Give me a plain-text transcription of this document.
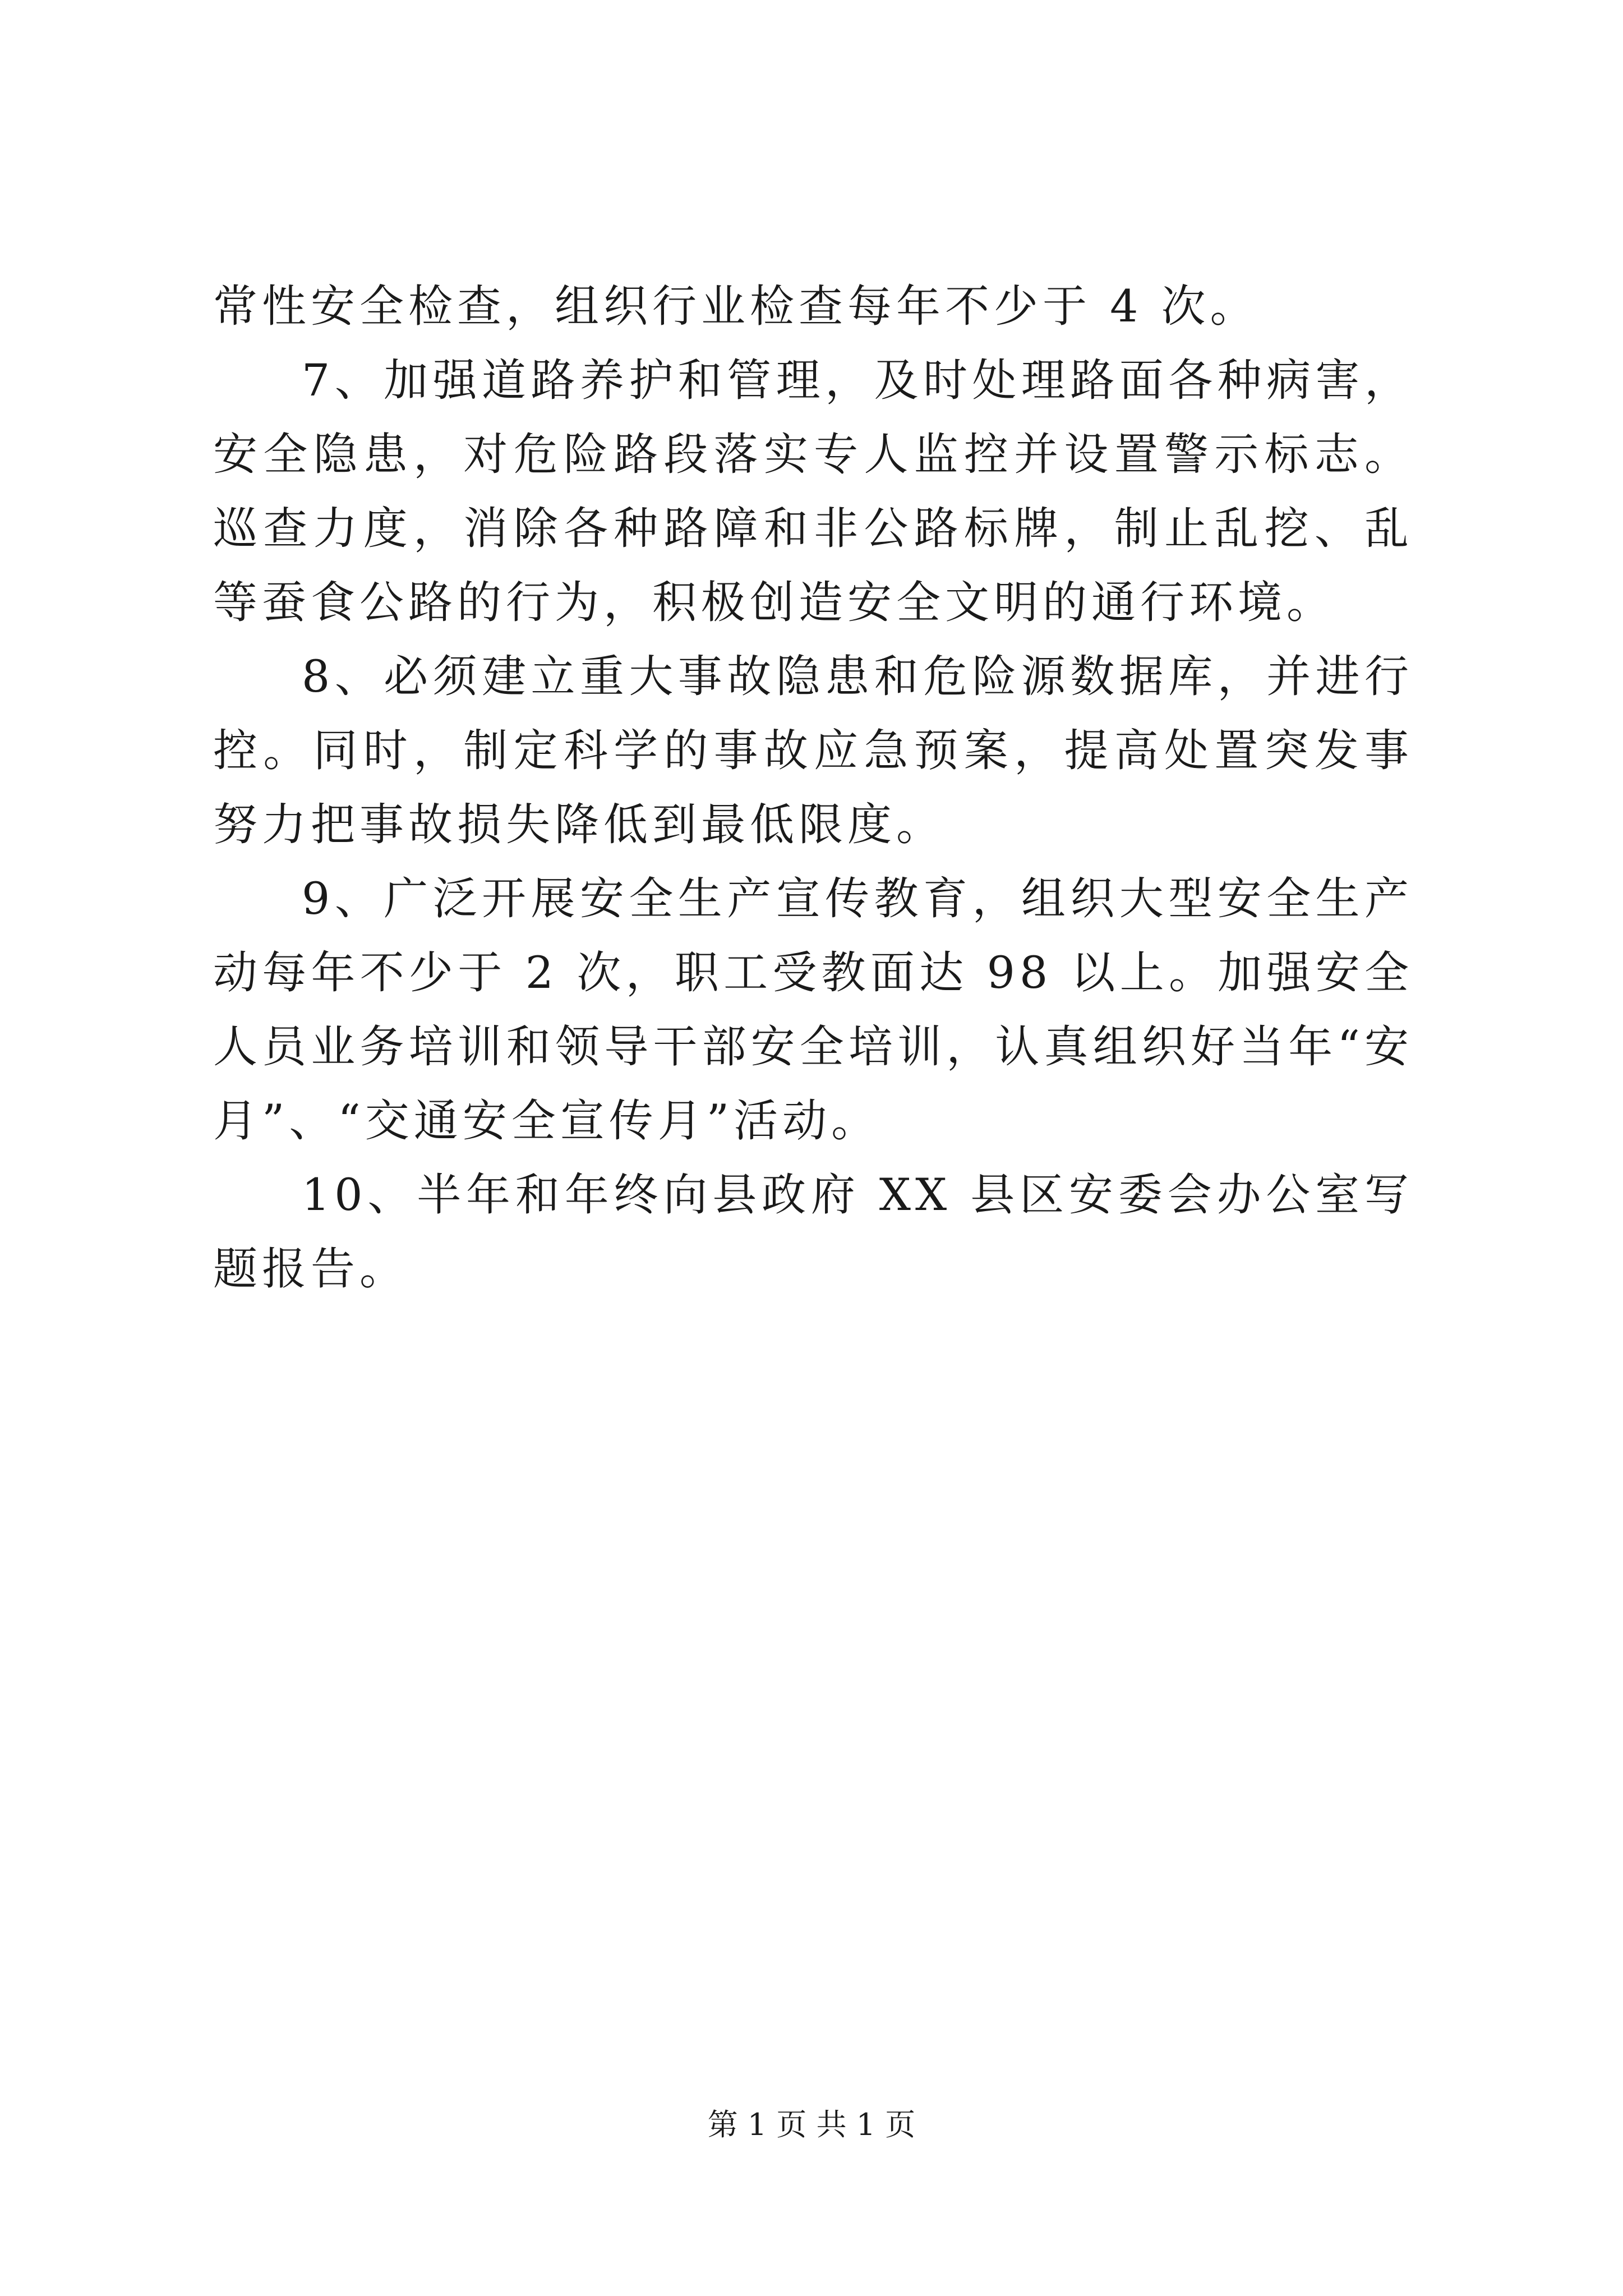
常性安全检查，组织行业检查每年不少于 4 次。
7、加强道路养护和管理，及时处理路面各种病害，
安全隐患，对危险路段落实专人监控并设置警示标志。
巡查力度，消除各种路障和非公路标牌，制止乱挖、乱
等蚕食公路的行为，积极创造安全文明的通行环境。
8、必须建立重大事故隐患和危险源数据库，并进行
控。同时，制定科学的事故应急预案，提高处置突发事
努力把事故损失降低到最低限度。
9、广泛开展安全生产宣传教育，组织大型安全生产
动每年不少于 2 次，职工受教面达 98 以上。加强安全
人员业务培训和领导干部安全培训，认真组织好当年“安
月”、“交通安全宣传月”活动。
10、半年和年终向县政府 XX 县区安委会办公室写
题报告。
第 1 页 共 1 页
